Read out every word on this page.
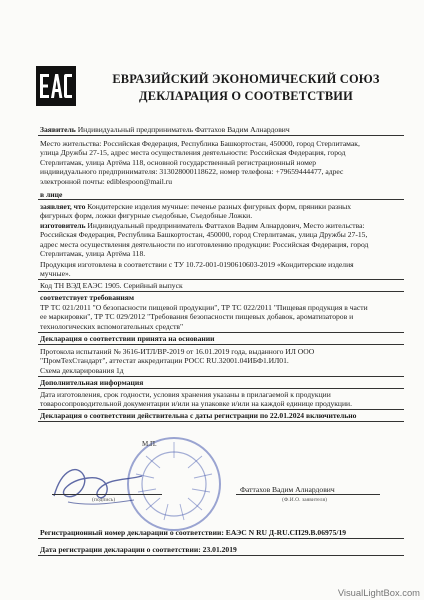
ЕВРАЗИЙСКИЙ ЭКОНОМИЧЕСКИЙ СОЮЗ
ДЕКЛАРАЦИЯ О СООТВЕТСТВИИ
Заявитель Индивидуальный предприниматель Фаттахов Вадим Алнардович
Место жительства: Российская Федерация, Республика Башкортостан, 450000, город Стерлитамак,
улица Дружбы 27-15, адрес места осуществления деятельности: Российская Федерация, город
Стерлитамак, улица Артёма 118, основной государственный регистрационный номер
индивидуального предпринимателя: 313028000118622, номер телефона: +79659444477, адрес
электронной почты: ediblespoon@mail.ru
в лице
заявляет, что Кондитерские изделия мучные: печенье разных фигурных форм, пряники разных
фигурных форм, ложки фигурные съедобные, Съедобные Ложки.
изготовитель Индивидуальный предприниматель Фаттахов Вадим Алнардович, Место жительства:
Российская Федерация, Республика Башкортостан, 450000, город Стерлитамак, улица Дружбы 27-15,
адрес места осуществления деятельности по изготовлению продукции: Российская Федерация, город
Стерлитамак, улица Артёма 118.
Продукция изготовлена в соответствии с ТУ 10.72-001-0190610603-2019 «Кондитерские изделия
мучные».
Код ТН ВЭД ЕАЭС 1905. Серийный выпуск
соответствует требованиям
ТР ТС 021/2011 "О безопасности пищевой продукции", ТР ТС 022/2011 "Пищевая продукция в части
ее маркировки", ТР ТС 029/2012 "Требования безопасности пищевых добавок, ароматизаторов и
технологических вспомогательных средств"
Декларация о соответствии принята на основании
Протокола испытаний № 3616-ИТЛ/ВР-2019 от 16.01.2019 года, выданного ИЛ ООО
"ПромТехСтандарт", аттестат аккредитации РОСС RU.32001.04ИБФ1.ИЛ01.
Схема декларирования 1д
Дополнительная информация
Дата изготовления, срок годности, условия хранения указаны в прилагаемой к продукции
товаросопроводительной документации и/или на упаковке и/или на каждой единице продукции.
Декларация о соответствии действительна с даты регистрации по 22.01.2024 включительно
М.П.
(подпись)
Фаттахов Вадим Алнардович
(Ф.И.О. заявителя)
Регистрационный номер декларации о соответствии: ЕАЭС N RU Д-RU.СП29.В.06975/19
Дата регистрации декларации о соответствии: 23.01.2019
VisualLightBox.com
